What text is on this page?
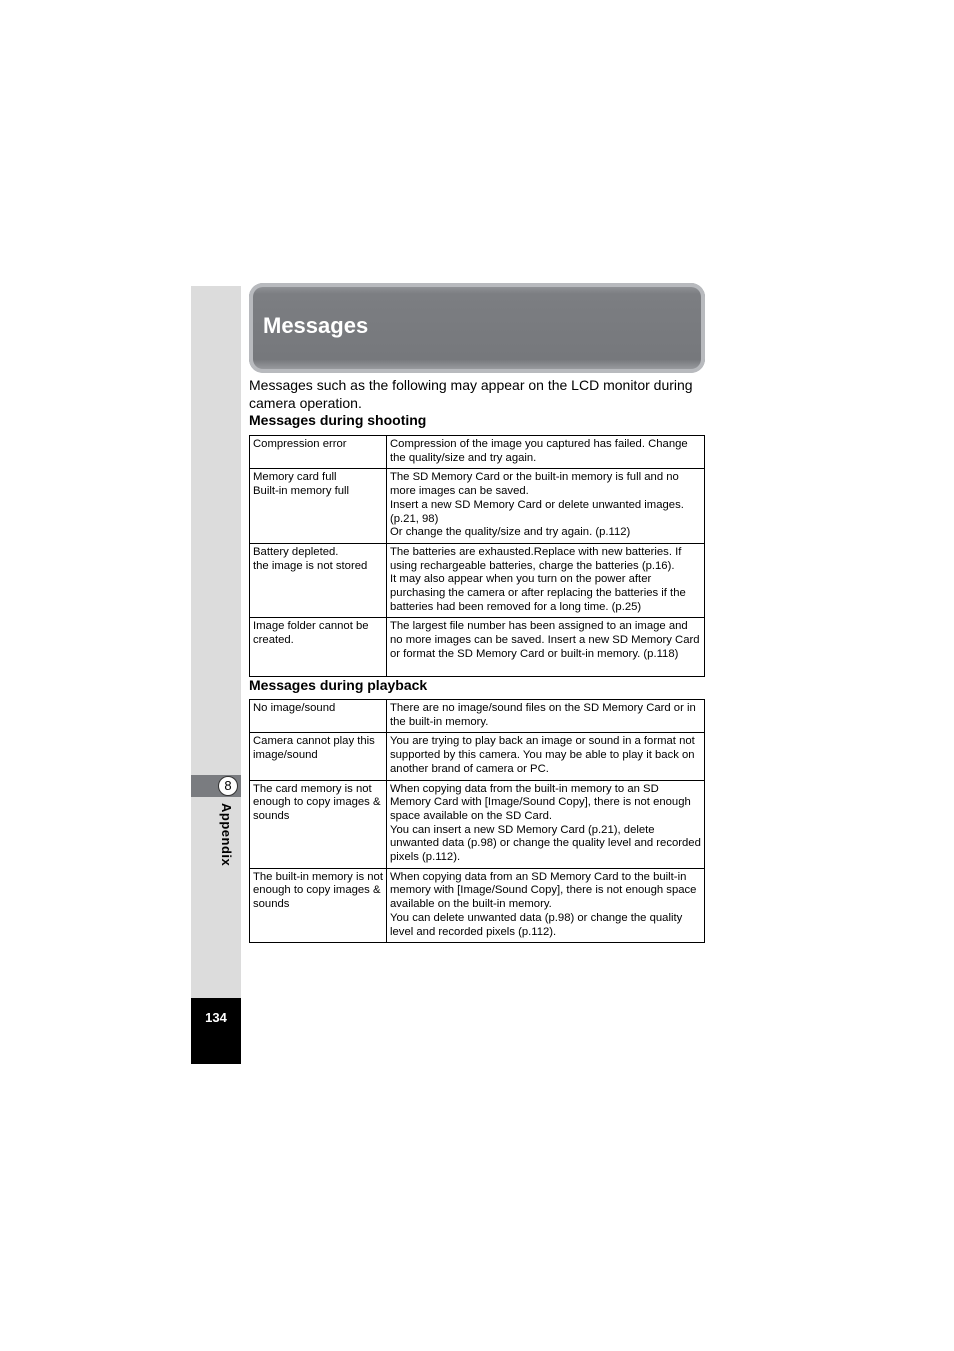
8
Appendix
134
Messages
Messages such as the following may appear on the LCD monitor during camera operation.
Messages during shooting
Compression error	Compression of the image you captured has failed. Change the quality/size and try again.

Memory card full
Built-in memory full	The SD Memory Card or the built-in memory is full and no more images can be saved.
Insert a new SD Memory Card or delete unwanted images. (p.21, 98)
Or change the quality/size and try again. (p.112)

Battery depleted.
the image is not stored	The batteries are exhausted.Replace with new batteries. If using rechargeable batteries, charge the batteries (p.16).
It may also appear when you turn on the power after purchasing the camera or after replacing the batteries if the batteries had been removed for a long time. (p.25)

Image folder cannot be created.	The largest file number has been assigned to an image and no more images can be saved. Insert a new SD Memory Card or format the SD Memory Card or built-in memory. (p.118)
Messages during playback
No image/sound	There are no image/sound files on the SD Memory Card or in the built-in memory.

Camera cannot play this image/sound	You are trying to play back an image or sound in a format not supported by this camera. You may be able to play it back on another brand of camera or PC.

The card memory is not enough to copy images & sounds	When copying data from the built-in memory to an SD Memory Card with [Image/Sound Copy], there is not enough space available on the SD Card.
You can insert a new SD Memory Card (p.21), delete unwanted data (p.98) or change the quality level and recorded pixels (p.112).

The built-in memory is not enough to copy images & sounds	When copying data from an SD Memory Card to the built-in memory with [Image/Sound Copy], there is not enough space available on the built-in memory.
You can delete unwanted data (p.98) or change the quality level and recorded pixels (p.112).
